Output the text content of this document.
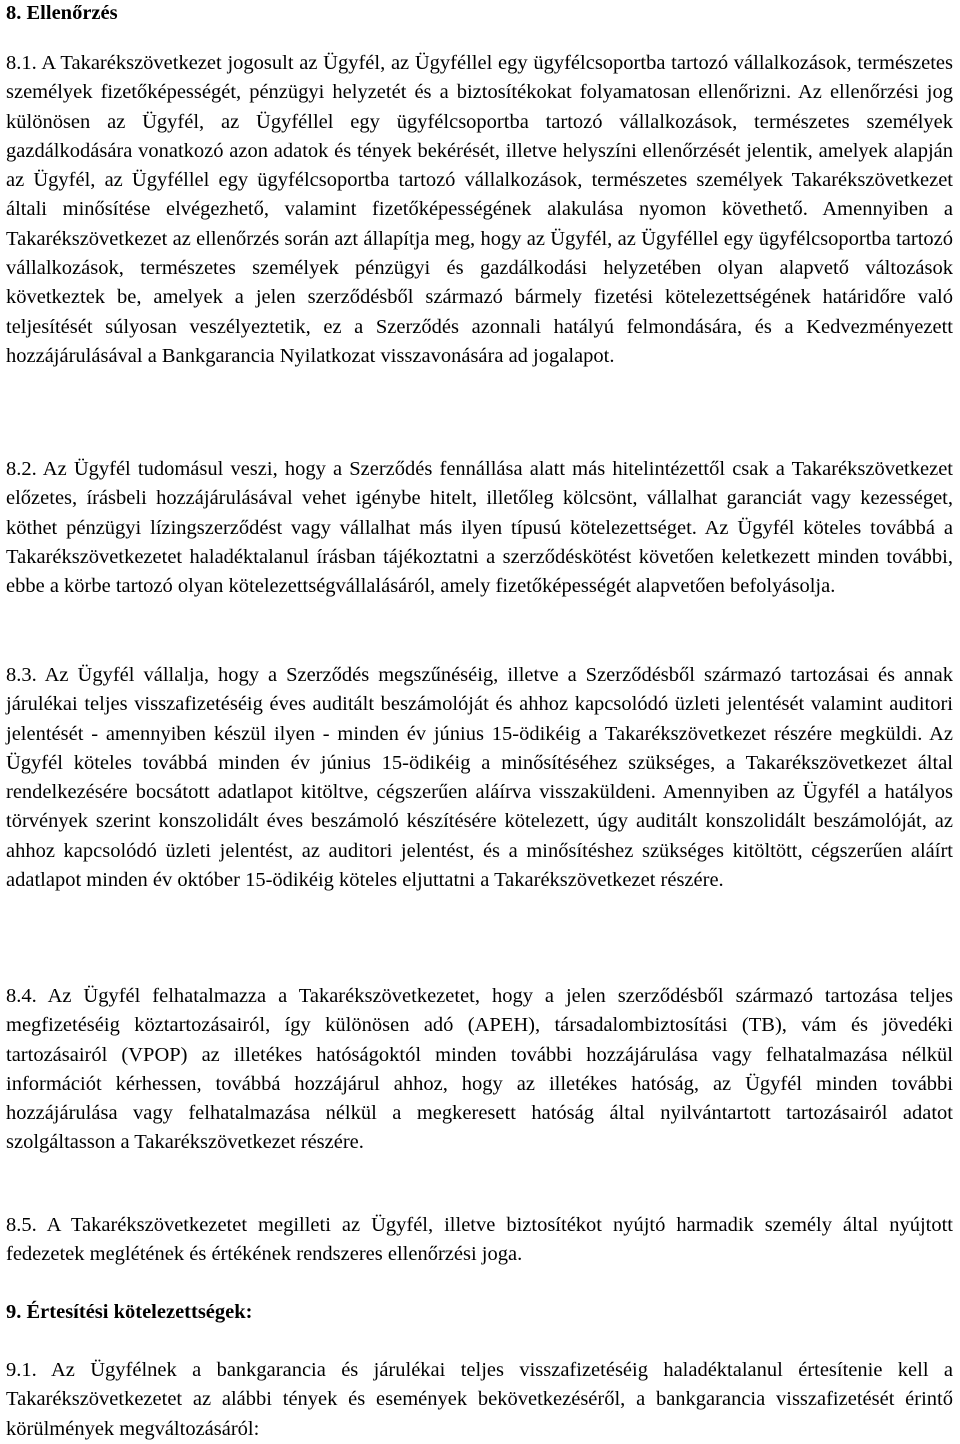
8. Ellenőrzés

8.1. A Takarékszövetkezet jogosult az Ügyfél, az Ügyféllel egy ügyfélcsoportba tartozó vállalkozások, természetes személyek fizetőképességét, pénzügyi helyzetét és a biztosítékokat folyamatosan ellenőrizni. Az ellenőrzési jog különösen az Ügyfél, az Ügyféllel egy ügyfélcsoportba tartozó vállalkozások, természetes személyek gazdálkodására vonatkozó azon adatok és tények bekérését, illetve helyszíni ellenőrzését jelentik, amelyek alapján az Ügyfél, az Ügyféllel egy ügyfélcsoportba tartozó vállalkozások, természetes személyek Takarékszövetkezet általi minősítése elvégezhető, valamint fizetőképességének alakulása nyomon követhető. Amennyiben a Takarékszövetkezet az ellenőrzés során azt állapítja meg, hogy az Ügyfél, az Ügyféllel egy ügyfélcsoportba tartozó vállalkozások, természetes személyek pénzügyi és gazdálkodási helyzetében olyan alapvető változások következtek be, amelyek a jelen szerződésből származó bármely fizetési kötelezettségének határidőre való teljesítését súlyosan veszélyeztetik, ez a Szerződés azonnali hatályú felmondására, és a Kedvezményezett hozzájárulásával a Bankgarancia Nyilatkozat visszavonására ad jogalapot.

8.2. Az Ügyfél tudomásul veszi, hogy a Szerződés fennállása alatt más hitelintézettől csak a Takarékszövetkezet előzetes, írásbeli hozzájárulásával vehet igénybe hitelt, illetőleg kölcsönt, vállalhat garanciát vagy kezességet, köthet pénzügyi lízingszerződést vagy vállalhat más ilyen típusú kötelezettséget. Az Ügyfél köteles továbbá a Takarékszövetkezetet haladéktalanul írásban tájékoztatni a szerződéskötést követően keletkezett minden további, ebbe a körbe tartozó olyan kötelezettségvállalásáról, amely fizetőképességét alapvetően befolyásolja.

8.3. Az Ügyfél vállalja, hogy a Szerződés megszűnéséig, illetve a Szerződésből származó tartozásai és annak járulékai teljes visszafizetéséig éves auditált beszámolóját és ahhoz kapcsolódó üzleti jelentését valamint auditori jelentését - amennyiben készül ilyen - minden év június 15-ödikéig a Takarékszövetkezet részére megküldi. Az Ügyfél köteles továbbá minden év június 15-ödikéig a minősítéséhez szükséges, a Takarékszövetkezet által rendelkezésére bocsátott adatlapot kitöltve, cégszerűen aláírva visszaküldeni. Amennyiben az Ügyfél a hatályos törvények szerint konszolidált éves beszámoló készítésére kötelezett, úgy auditált konszolidált beszámolóját, az ahhoz kapcsolódó üzleti jelentést, az auditori jelentést, és a minősítéshez szükséges kitöltött, cégszerűen aláírt adatlapot minden év október 15-ödikéig köteles eljuttatni a Takarékszövetkezet részére.

8.4. Az Ügyfél felhatalmazza a Takarékszövetkezetet, hogy a jelen szerződésből származó tartozása teljes megfizetéséig köztartozásairól, így különösen adó (APEH), társadalombiztosítási (TB), vám és jövedéki tartozásairól (VPOP) az illetékes hatóságoktól minden további hozzájárulása vagy felhatalmazása nélkül információt kérhessen, továbbá hozzájárul ahhoz, hogy az illetékes hatóság, az Ügyfél minden további hozzájárulása vagy felhatalmazása nélkül a megkeresett hatóság által nyilvántartott tartozásairól adatot szolgáltasson a Takarékszövetkezet részére.

8.5. A Takarékszövetkezetet megilleti az Ügyfél, illetve biztosítékot nyújtó harmadik személy által nyújtott fedezetek meglétének és értékének rendszeres ellenőrzési joga.

9. Értesítési kötelezettségek:

9.1. Az Ügyfélnek a bankgarancia és járulékai teljes visszafizetéséig haladéktalanul értesítenie kell a Takarékszövetkezetet az alábbi tények és események bekövetkezéséről, a bankgarancia visszafizetését érintő körülmények megváltozásáról:
